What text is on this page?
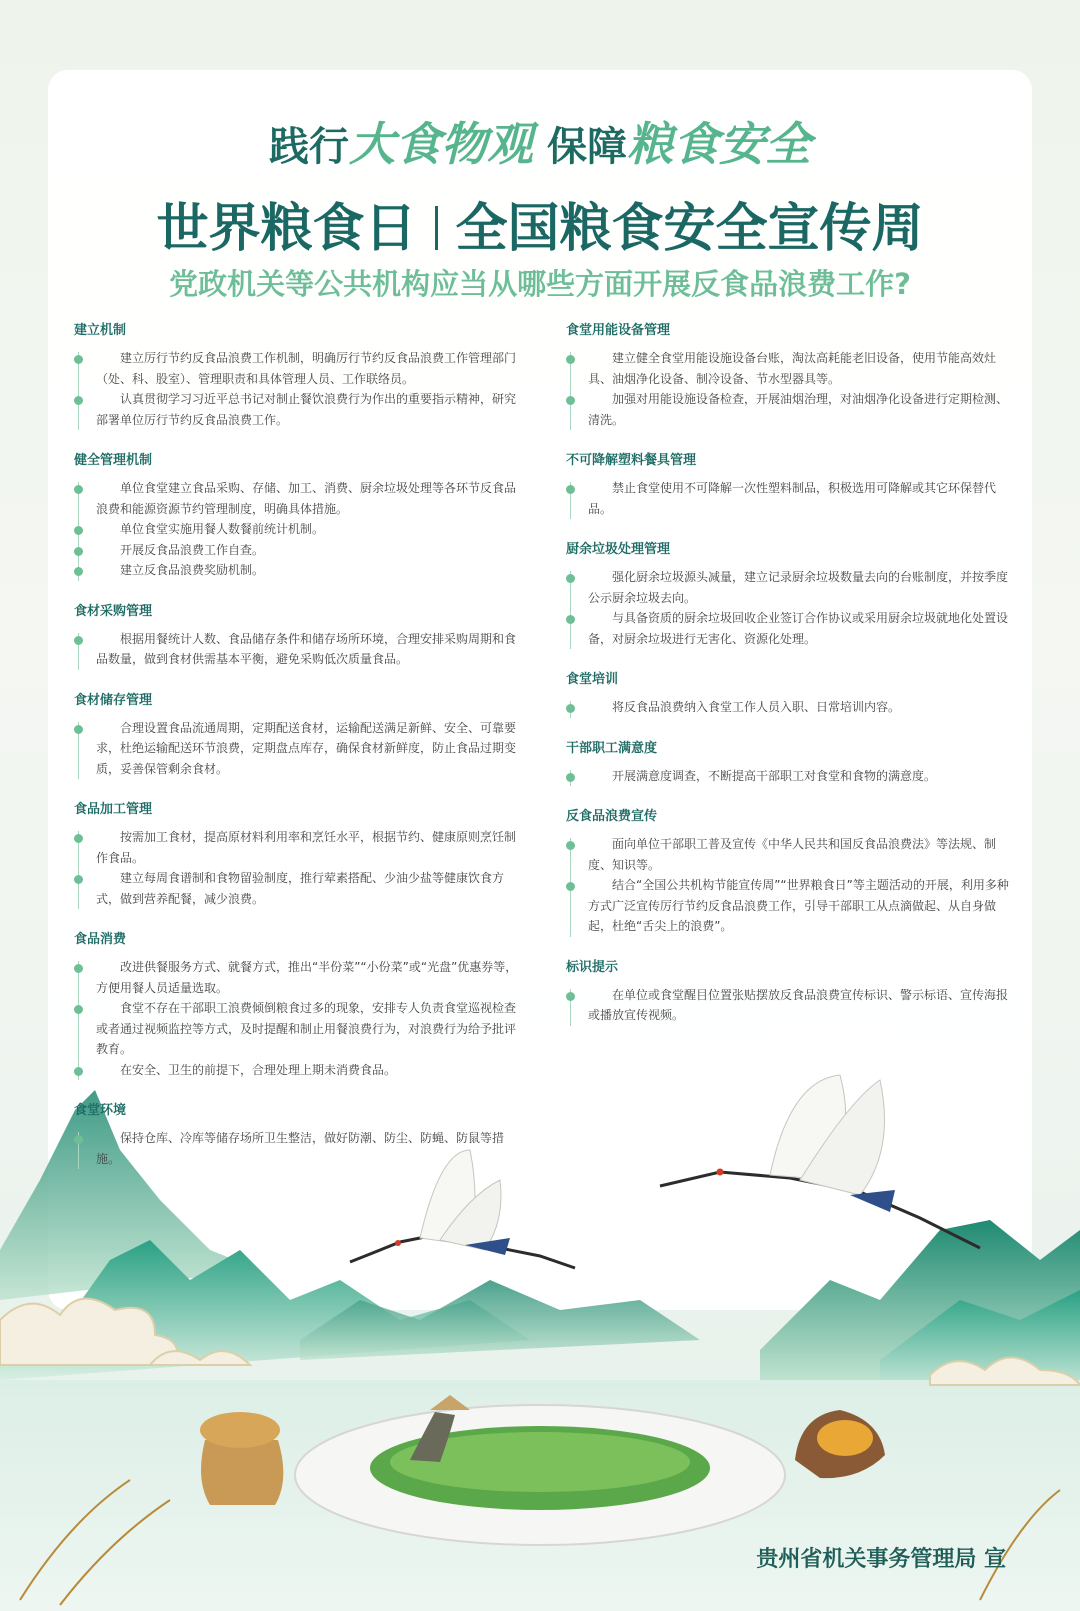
践行大食物观 保障粮食安全
世界粮食日 全国粮食安全宣传周
党政机关等公共机构应当从哪些方面开展反食品浪费工作?
建立机制
建立厉行节约反食品浪费工作机制，明确厉行节约反食品浪费工作管理部门（处、科、股室）、管理职责和具体管理人员、工作联络员。
认真贯彻学习习近平总书记对制止餐饮浪费行为作出的重要指示精神，研究部署单位厉行节约反食品浪费工作。
健全管理机制
单位食堂建立食品采购、存储、加工、消费、厨余垃圾处理等各环节反食品浪费和能源资源节约管理制度，明确具体措施。
单位食堂实施用餐人数餐前统计机制。
开展反食品浪费工作自查。
建立反食品浪费奖励机制。
食材采购管理
根据用餐统计人数、食品储存条件和储存场所环境，合理安排采购周期和食品数量，做到食材供需基本平衡，避免采购低次质量食品。
食材储存管理
合理设置食品流通周期，定期配送食材，运输配送满足新鲜、安全、可靠要求，杜绝运输配送环节浪费，定期盘点库存，确保食材新鲜度，防止食品过期变质，妥善保管剩余食材。
食品加工管理
按需加工食材，提高原材料利用率和烹饪水平，根据节约、健康原则烹饪制作食品。
建立每周食谱制和食物留验制度，推行荤素搭配、少油少盐等健康饮食方式，做到营养配餐，减少浪费。
食品消费
改进供餐服务方式、就餐方式，推出“半份菜”“小份菜”或“光盘”优惠券等，方便用餐人员适量选取。
食堂不存在干部职工浪费倾倒粮食过多的现象，安排专人负责食堂巡视检查或者通过视频监控等方式，及时提醒和制止用餐浪费行为，对浪费行为给予批评教育。
在安全、卫生的前提下，合理处理上期未消费食品。
食堂环境
保持仓库、冷库等储存场所卫生整洁，做好防潮、防尘、防蝇、防鼠等措施。
食堂用能设备管理
建立健全食堂用能设施设备台账，淘汰高耗能老旧设备，使用节能高效灶具、油烟净化设备、制冷设备、节水型器具等。
加强对用能设施设备检查，开展油烟治理，对油烟净化设备进行定期检测、清洗。
不可降解塑料餐具管理
禁止食堂使用不可降解一次性塑料制品，积极选用可降解或其它环保替代品。
厨余垃圾处理管理
强化厨余垃圾源头减量，建立记录厨余垃圾数量去向的台账制度，并按季度公示厨余垃圾去向。
与具备资质的厨余垃圾回收企业签订合作协议或采用厨余垃圾就地化处置设备，对厨余垃圾进行无害化、资源化处理。
食堂培训
将反食品浪费纳入食堂工作人员入职、日常培训内容。
干部职工满意度
开展满意度调查，不断提高干部职工对食堂和食物的满意度。
反食品浪费宣传
面向单位干部职工普及宣传《中华人民共和国反食品浪费法》等法规、制度、知识等。
结合“全国公共机构节能宣传周”“世界粮食日”等主题活动的开展，利用多种方式广泛宣传厉行节约反食品浪费工作，引导干部职工从点滴做起、从自身做起，杜绝“舌尖上的浪费”。
标识提示
在单位或食堂醒目位置张贴摆放反食品浪费宣传标识、警示标语、宣传海报或播放宣传视频。
贵州省机关事务管理局 宣
